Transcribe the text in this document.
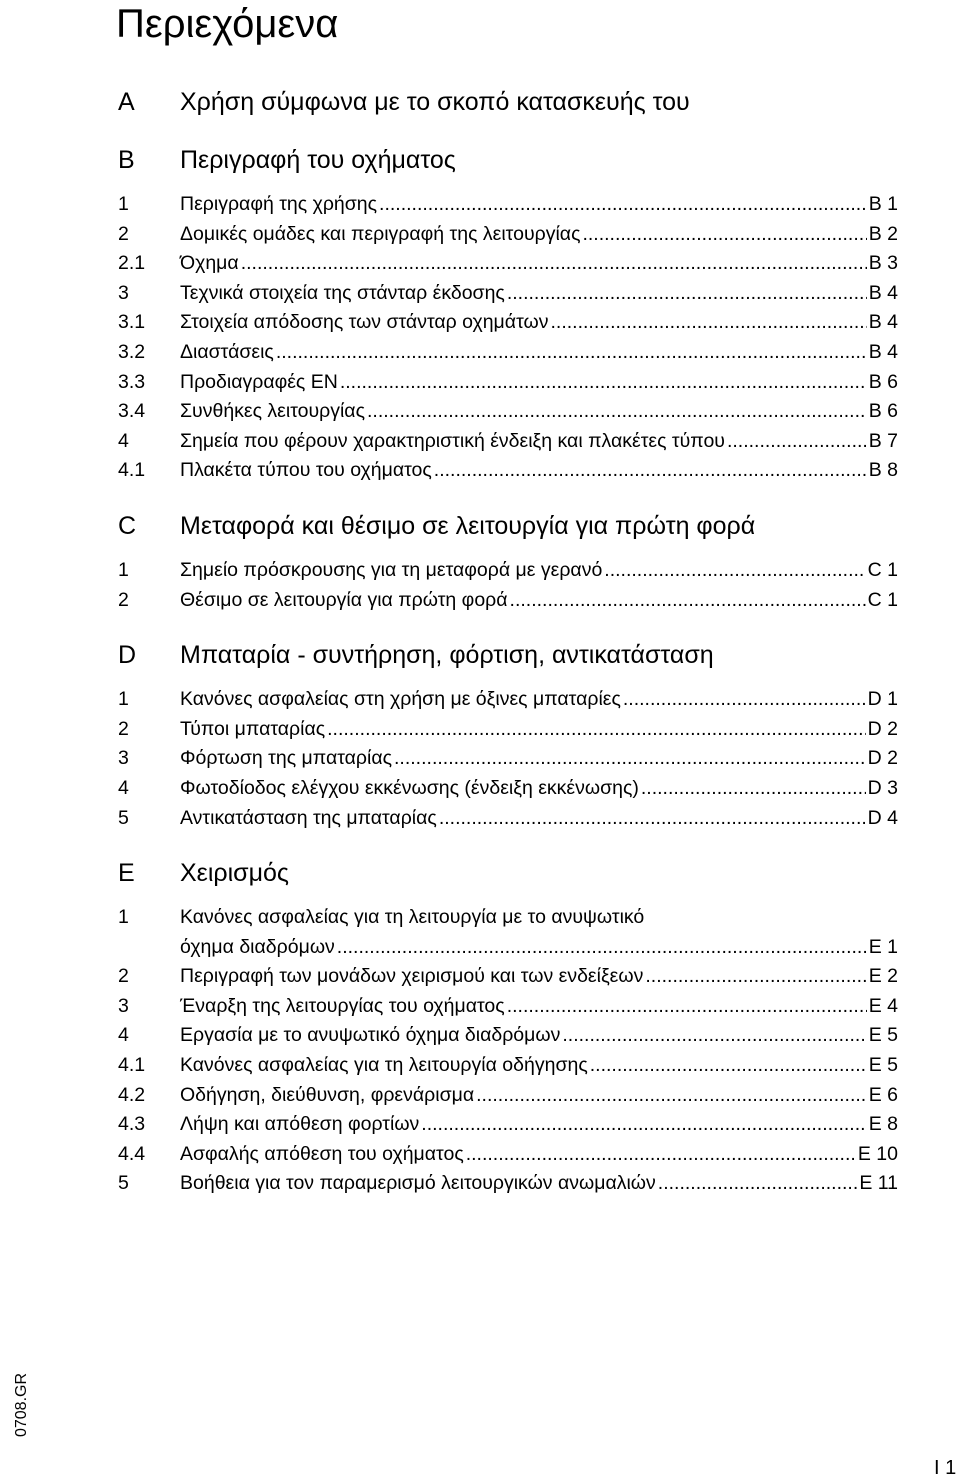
Περιεχόμενα
A	Χρήση σύμφωνα με το σκοπό κατασκευής του
B	Περιγραφή του οχήματος
1	Περιγραφή της χρήσης .....	B 1
2	Δομικές ομάδες και περιγραφή της λειτουργίας .....	B 2
2.1	Όχημα .....	B 3
3	Τεχνικά στοιχεία της στάνταρ έκδοσης .....	B 4
3.1	Στοιχεία απόδοσης των στάνταρ οχημάτων .....	B 4
3.2	Διαστάσεις .....	B 4
3.3	Προδιαγραφές EN .....	B 6
3.4	Συνθήκες λειτουργίας .....	B 6
4	Σημεία που φέρουν χαρακτηριστική ένδειξη και πλακέτες τύπου .....	B 7
4.1	Πλακέτα τύπου του οχήματος .....	B 8
C	Μεταφορά και θέσιμο σε λειτουργία για πρώτη φορά
1	Σημείο πρόσκρουσης για τη μεταφορά με γερανό .....	C 1
2	Θέσιμο σε λειτουργία για πρώτη φορά .....	C 1
D	Μπαταρία - συντήρηση, φόρτιση, αντικατάσταση
1	Κανόνες ασφαλείας στη χρήση με όξινες μπαταρίες .....	D 1
2	Τύποι μπαταρίας .....	D 2
3	Φόρτωση της μπαταρίας .....	D 2
4	Φωτοδίοδος ελέγχου εκκένωσης (ένδειξη εκκένωσης) .....	D 3
5	Αντικατάσταση της μπαταρίας .....	D 4
E	Χειρισμός
1	Κανόνες ασφαλείας για τη λειτουργία με το ανυψωτικό
όχημα διαδρόμων .....	E 1
2	Περιγραφή των μονάδων χειρισμού και των ενδείξεων .....	E 2
3	Έναρξη της λειτουργίας του οχήματος .....	E 4
4	Εργασία με το ανυψωτικό όχημα διαδρόμων .....	E 5
4.1	Κανόνες ασφαλείας για τη λειτουργία οδήγησης .....	E 5
4.2	Οδήγηση, διεύθυνση, φρενάρισμα .....	E 6
4.3	Λήψη και απόθεση φορτίων .....	E 8
4.4	Ασφαλής απόθεση του οχήματος .....	E 10
5	Βοήθεια για τον παραμερισμό λειτουργικών ανωμαλιών .....	E 11
0708.GR
I 1
